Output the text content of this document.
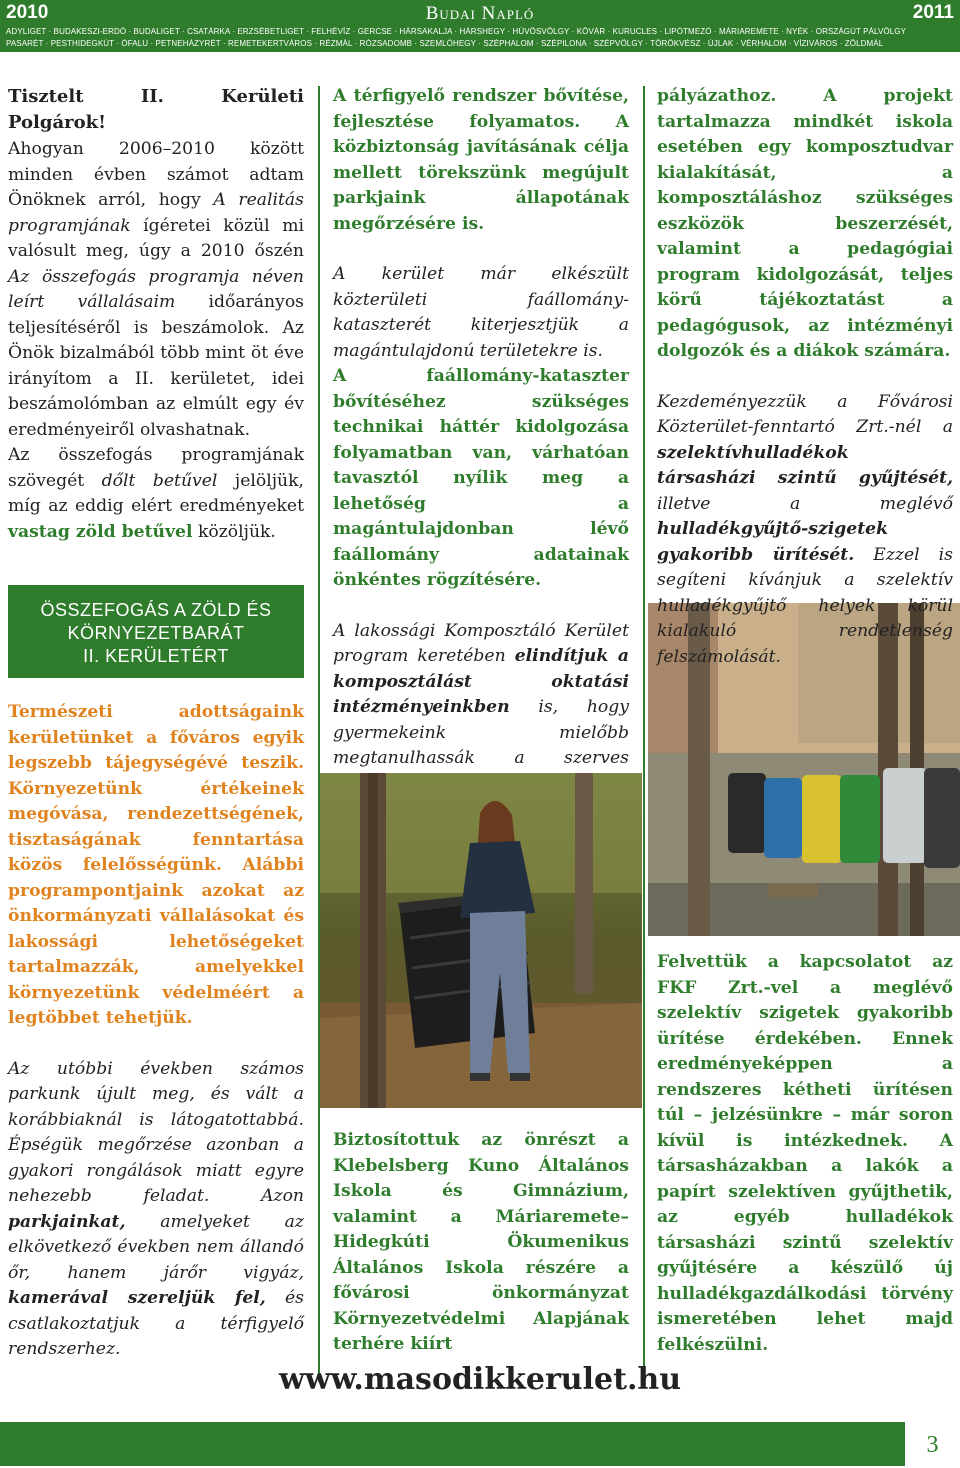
2010	Budai Napló	2011
ADYLIGET · BUDAKESZI-ERDŐ · BUDALIGET · CSATÁRKA · ERZSÉBETLIGET · FELHÉVÍZ · GERCSE · HÁRSAKALJA · HÁRSHEGY · HŰVÖSVÖLGY · KÖVÁR · KURUCLES · LIPÓTMEZŐ · MÁRIAREMETE · NYÉK · ORSZÁGÚT PÁLVÖLGY
PASARÉT · PESTHIDEGKÚT · ÓFALU · PETNEHÁZYRÉT · REMETEKERTVÁROS · RÉZMÁL · RÓZSADOMB · SZEMLŐHEGY · SZÉPHALOM · SZÉPILONA · SZÉPVÖLGY · TÖRÖKVÉSZ · ÚJLAK · VÉRHALOM · VÍZIVÁROS · ZÖLDMÁL

Tisztelt II. Kerületi Polgárok!

Ahogyan 2006–2010 között minden évben számot adtam Önöknek arról, hogy A realitás programjának ígéretei közül mi valósult meg, úgy a 2010 őszén Az összefogás programja néven leírt vállalásaim időarányos teljesítéséről is beszámolok. Az Önök bizalmából több mint öt éve irányítom a II. kerületet, idei beszámolómban az elmúlt egy év eredményeiről olvashatnak.

Az összefogás programjának szövegét dőlt betűvel jelöljük, míg az eddig elért eredményeket vastag zöld betűvel közöljük.

ÖSSZEFOGÁS A ZÖLD ÉS
KÖRNYEZETBARÁT
II. KERÜLETÉRT

Természeti adottságaink kerületünket a főváros egyik legszebb tájegységévé teszik. Környezetünk értékeinek megóvása, rendezettségének, tisztaságának fenntartása közös felelősségünk. Alábbi programpontjaink azokat az önkormányzati vállalásokat és lakossági lehetőségeket tartalmazzák, amelyekkel környezetünk védelméért a legtöbbet tehetjük.

Az utóbbi években számos parkunk újult meg, és vált a korábbiaknál is látogatottabbá. Épségük megőrzése azonban a gyakori rongálások miatt egyre nehezebb feladat. Azon parkjainkat, amelyeket az elkövetkező években nem állandó őr, hanem járőr vigyáz, kamerával szereljük fel, és csatlakoztatjuk a térfigyelő rendszerhez.

A térfigyelő rendszer bővítése, fejlesztése folyamatos. A közbiztonság javításának célja mellett törekszünk megújult parkjaink állapotának megőrzésére is.

A kerület már elkészült közterületi faállomány-kataszterét kiterjesztjük a magántulajdonú területekre is.

A faállomány-kataszter bővítéséhez szükséges technikai háttér kidolgozása folyamatban van, várhatóan tavasztól nyílik meg a lehetőség a magántulajdonban lévő faállomány adatainak önkéntes rögzítésére.

A lakossági Komposztáló Kerület program keretében elindítjuk a komposztálást oktatási intézményeinkben is, hogy gyermekeink mielőbb megtanulhassák a szerves

Biztosítottuk az önrészt a Klebelsberg Kuno Általános Iskola és Gimnázium, valamint a Máriaremete–Hidegkúti Ökumenikus Általános Iskola részére a fővárosi önkormányzat Környezetvédelmi Alapjának terhére kiírt

pályázathoz. A projekt tartalmazza mindkét iskola esetében egy komposztudvar kialakítását, a komposztáláshoz szükséges eszközök beszerzését, valamint a pedagógiai program kidolgozását, teljes körű tájékoztatást a pedagógusok, az intézményi dolgozók és a diákok számára.

Kezdeményezzük a Fővárosi Közterület-fenntartó Zrt.-nél a szelektívhulladékok társasházi szintű gyűjtését, illetve a meglévő hulladékgyűjtő-szigetek gyakoribb ürítését. Ezzel is segíteni kívánjuk a szelektív hulladékgyűjtő helyek körül kialakuló rendetlenség felszámolását.

Felvettük a kapcsolatot az FKF Zrt.-vel a meglévő szelektív szigetek gyakoribb ürítése érdekében. Ennek eredményeképpen a rendszeres kétheti ürítésen túl – jelzésünkre – már soron kívül is intézkednek. A társasházakban a lakók a papírt szelektíven gyűjthetik, az egyéb hulladékok társasházi szintű szelektív gyűjtésére a készülő új hulladékgazdálkodási törvény ismeretében lehet majd felkészülni.

www.masodikkerulet.hu
3
